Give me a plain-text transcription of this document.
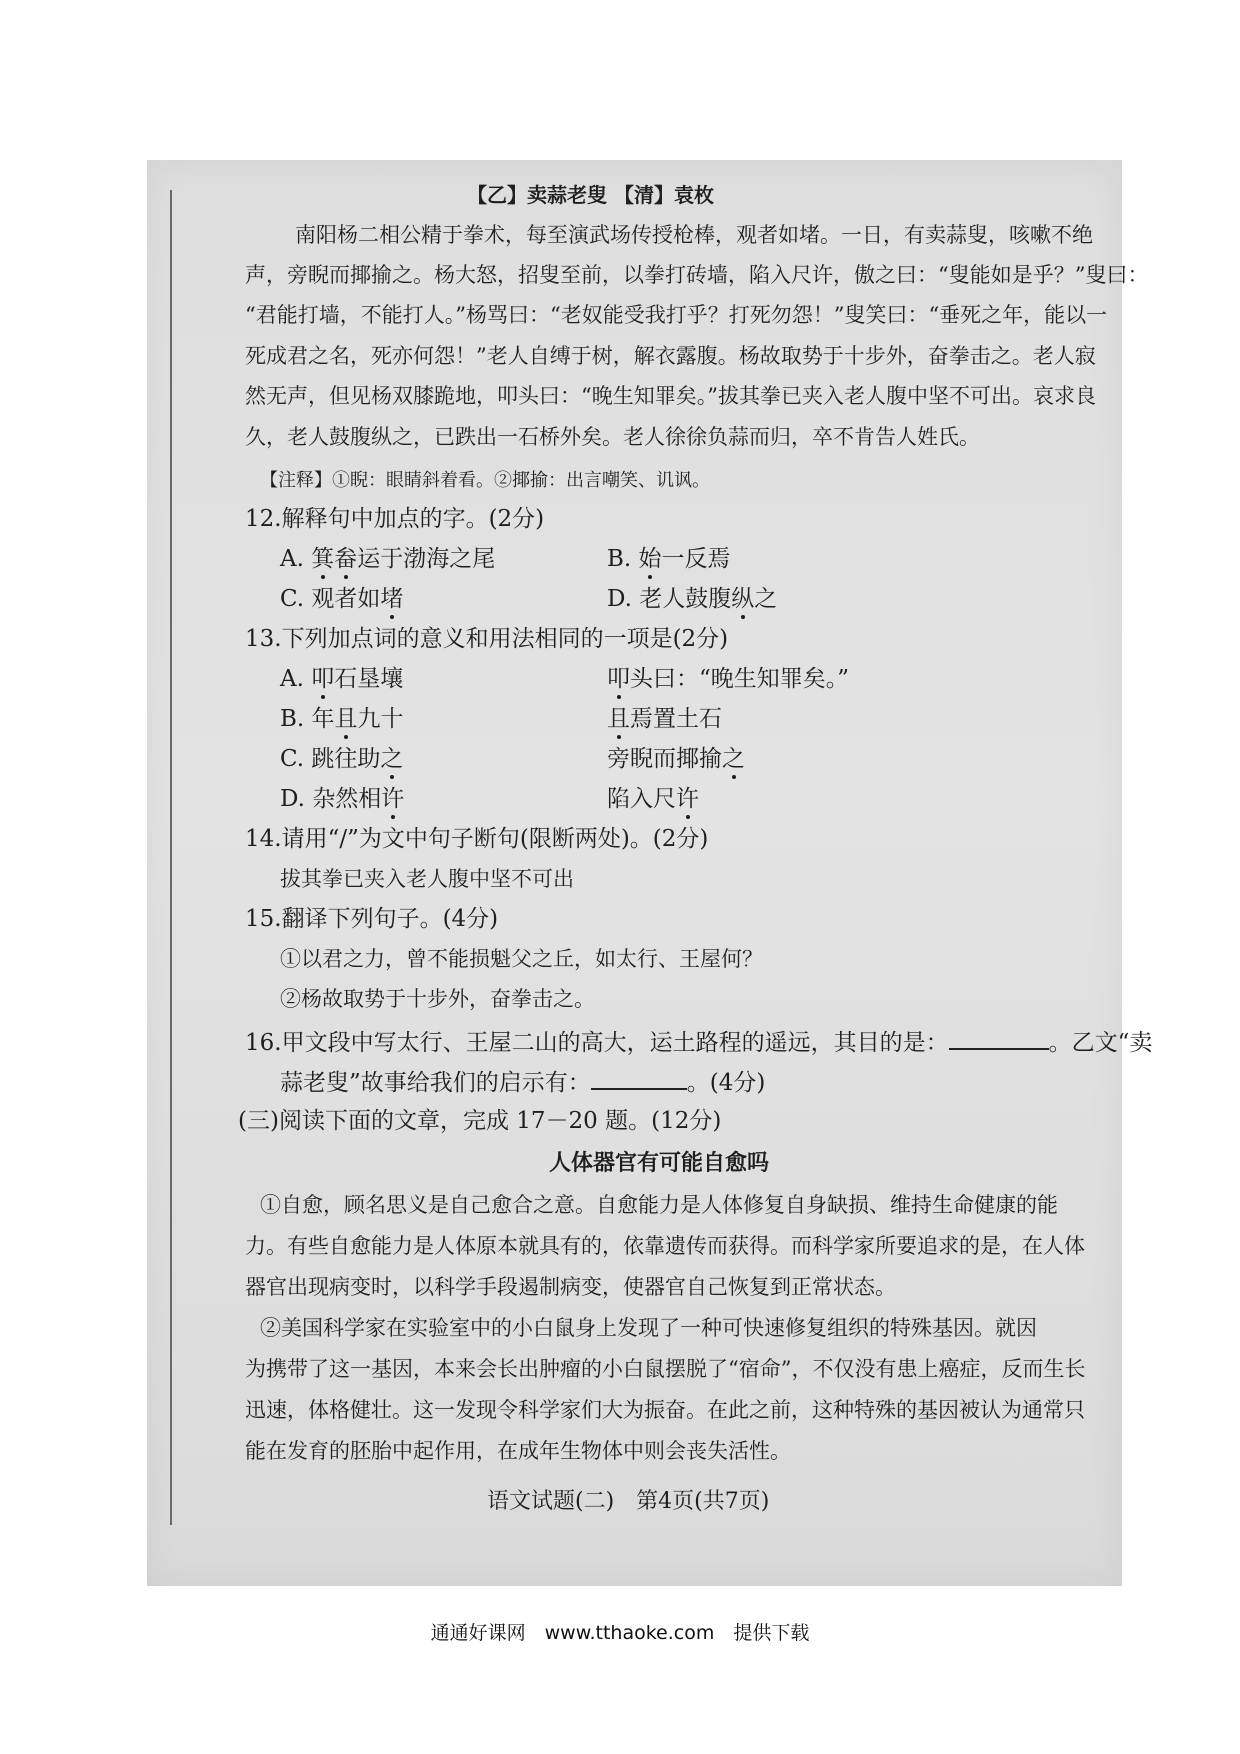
【乙】卖蒜老叟 【清】袁枚
南阳杨二相公精于拳术，每至演武场传授枪棒，观者如堵。一日，有卖蒜叟，咳嗽不绝
声，旁睨而揶揄之。杨大怒，招叟至前，以拳打砖墙，陷入尺许，傲之曰：“叟能如是乎？”叟曰：
“君能打墙，不能打人。”杨骂曰：“老奴能受我打乎？打死勿怨！”叟笑曰：“垂死之年，能以一
死成君之名，死亦何怨！”老人自缚于树，解衣露腹。杨故取势于十步外，奋拳击之。老人寂
然无声，但见杨双膝跪地，叩头曰：“晚生知罪矣。”拔其拳已夹入老人腹中坚不可出。哀求良
久，老人鼓腹纵之，已跌出一石桥外矣。老人徐徐负蒜而归，卒不肯告人姓氏。
【注释】①睨：眼睛斜着看。②揶揄：出言嘲笑、讥讽。
12.解释句中加点的字。(2分)
A. 箕畚运于渤海之尾	B. 始一反焉
C. 观者如堵	D. 老人鼓腹纵之
13.下列加点词的意义和用法相同的一项是(2分)
A. 叩石垦壤	叩头曰：“晚生知罪矣。”
B. 年且九十	且焉置土石
C. 跳往助之	旁睨而揶揄之
D. 杂然相许	陷入尺许
14.请用“/”为文中句子断句(限断两处)。(2分)
拔其拳已夹入老人腹中坚不可出
15.翻译下列句子。(4分)
①以君之力，曾不能损魁父之丘，如太行、王屋何？
②杨故取势于十步外，奋拳击之。
16.甲文段中写太行、王屋二山的高大，运土路程的遥远，其目的是：	。乙文“卖
蒜老叟”故事给我们的启示有：	。(4分)
(三)阅读下面的文章，完成 17－20 题。(12分)
人体器官有可能自愈吗
①自愈，顾名思义是自己愈合之意。自愈能力是人体修复自身缺损、维持生命健康的能
力。有些自愈能力是人体原本就具有的，依靠遗传而获得。而科学家所要追求的是，在人体
器官出现病变时，以科学手段遏制病变，使器官自己恢复到正常状态。
②美国科学家在实验室中的小白鼠身上发现了一种可快速修复组织的特殊基因。就因
为携带了这一基因，本来会长出肿瘤的小白鼠摆脱了“宿命”，不仅没有患上癌症，反而生长
迅速，体格健壮。这一发现令科学家们大为振奋。在此之前，这种特殊的基因被认为通常只
能在发育的胚胎中起作用，在成年生物体中则会丧失活性。
语文试题(二)　第4页(共7页)
通通好课网　www.tthaoke.com　提供下载
